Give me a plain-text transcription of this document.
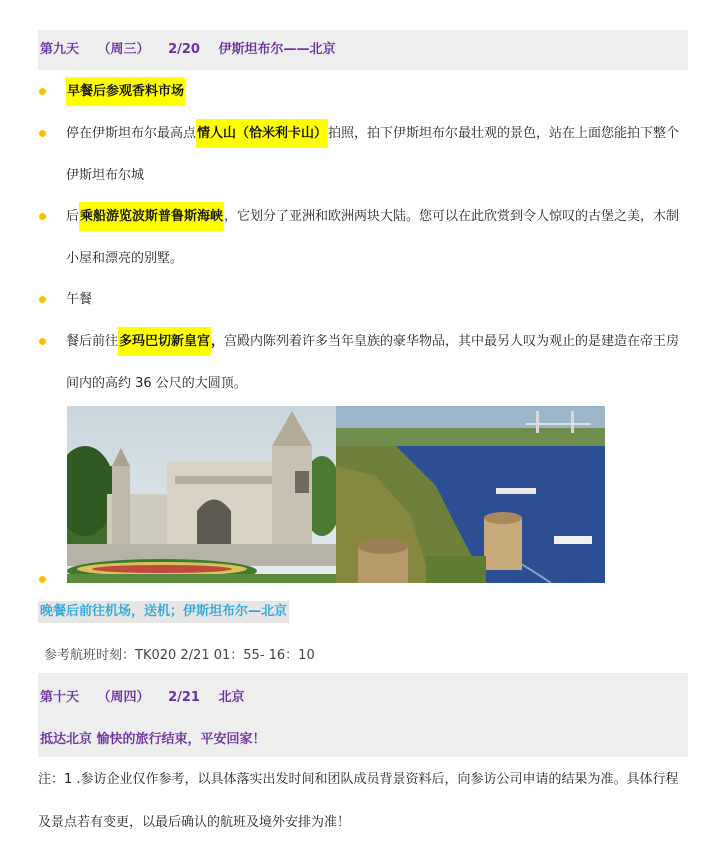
第九天 （周三） 2/20 伊斯坦布尔——北京
早餐后参观香料市场
停在伊斯坦布尔最高点情人山（恰米利卡山）拍照，拍下伊斯坦布尔最壮观的景色，站在上面您能拍下整个伊斯坦布尔城
后乘船游览波斯普鲁斯海峡，它划分了亚洲和欧洲两块大陆。您可以在此欣赏到令人惊叹的古堡之美，木制小屋和漂亮的别墅。
午餐
餐后前往多玛巴切新皇宫，宫殿内陈列着许多当年皇族的豪华物品，其中最另人叹为观止的是建造在帝王房间内的高约 36 公尺的大圆顶。
晚餐后前往机场，送机；伊斯坦布尔—北京
参考航班时刻：TK020 2/21 01：55- 16：10
第十天 （周四） 2/21 北京
抵达北京 愉快的旅行结束，平安回家！
注：1 .参访企业仅作参考，以具体落实出发时间和团队成员背景资料后，向参访公司申请的结果为准。具体行程及景点若有变更，以最后确认的航班及境外安排为准！
